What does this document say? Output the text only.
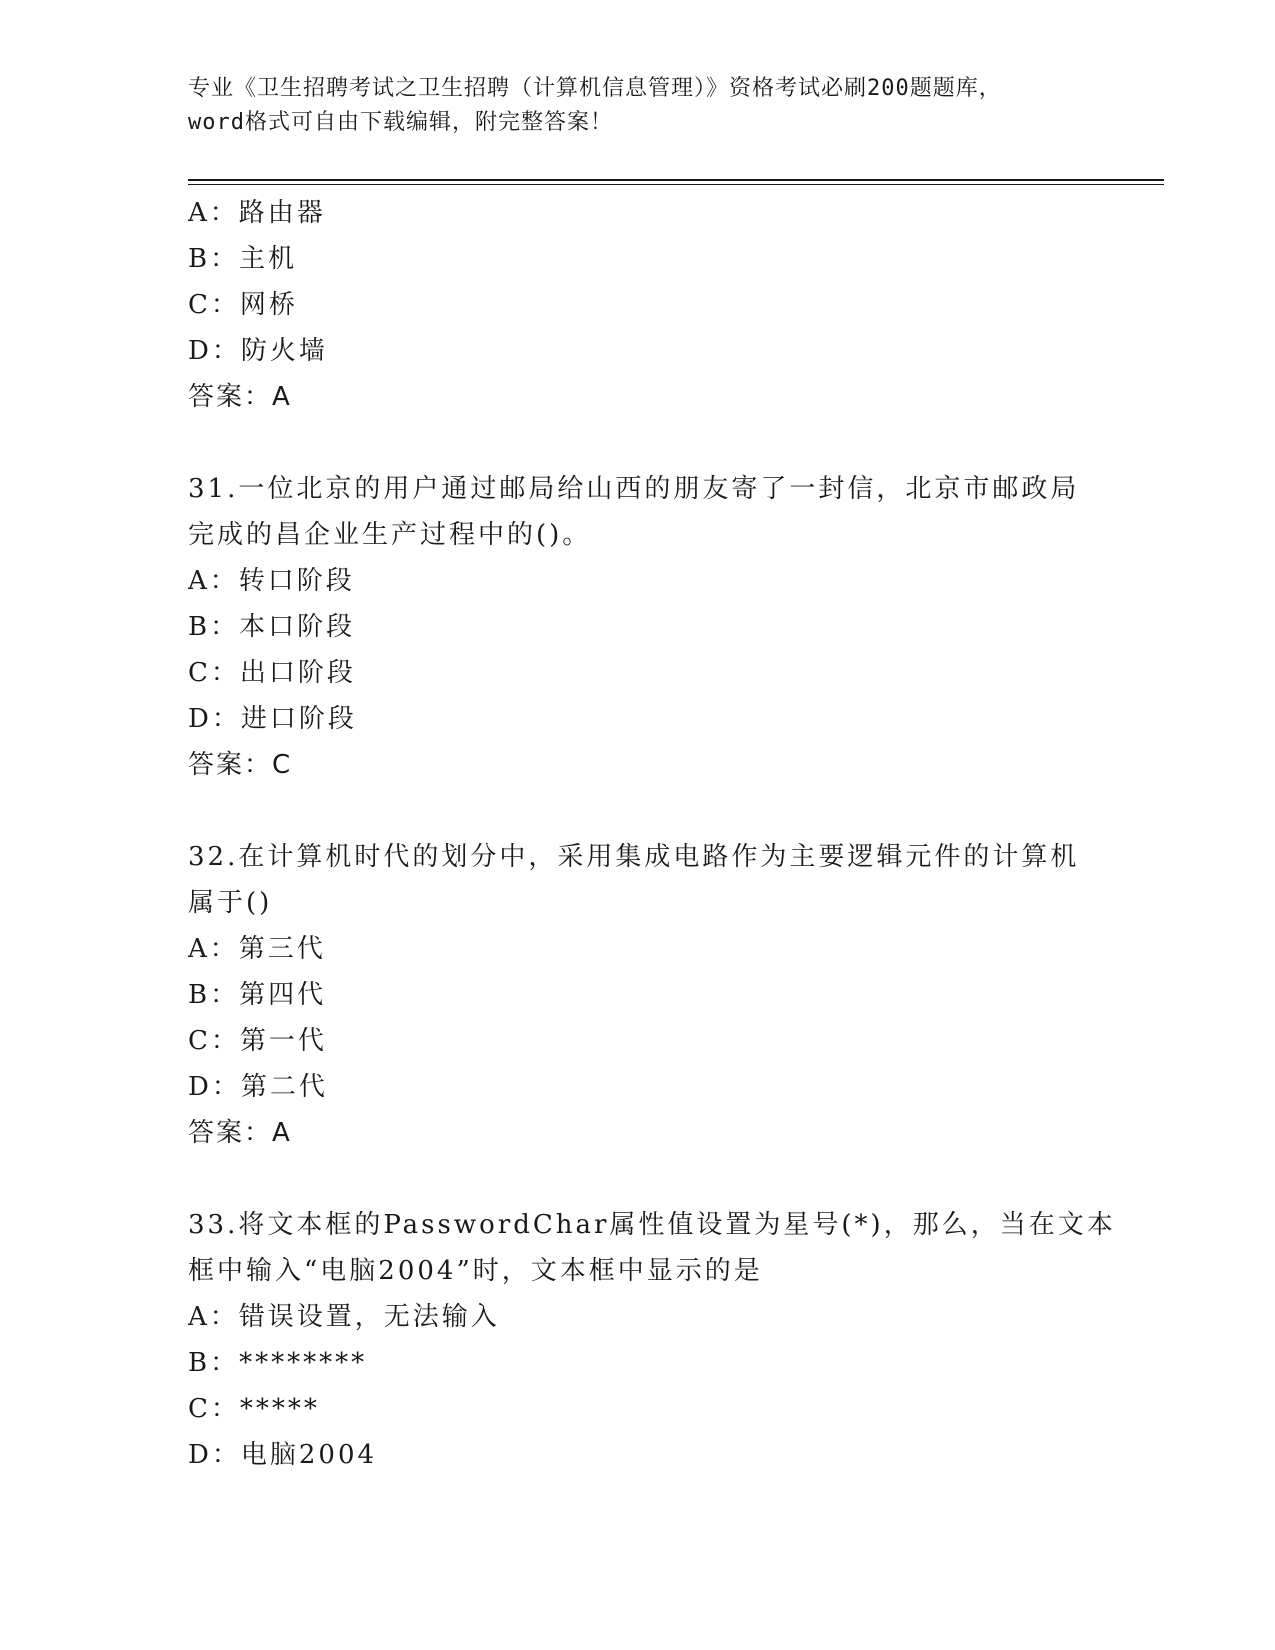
专业《卫生招聘考试之卫生招聘（计算机信息管理）》资格考试必刷200题题库，
word格式可自由下载编辑，附完整答案！
A：路由器
B：主机
C：网桥
D：防火墙
答案：A
31.一位北京的用户通过邮局给山西的朋友寄了一封信，北京市邮政局
完成的昌企业生产过程中的()。
A：转口阶段
B：本口阶段
C：出口阶段
D：进口阶段
答案：C
32.在计算机时代的划分中，采用集成电路作为主要逻辑元件的计算机
属于()
A：第三代
B：第四代
C：第一代
D：第二代
答案：A
33.将文本框的PasswordChar属性值设置为星号(*)，那么，当在文本
框中输入“电脑2004”时，文本框中显示的是
A：错误设置，无法输入
B：********
C：*****
D：电脑2004
